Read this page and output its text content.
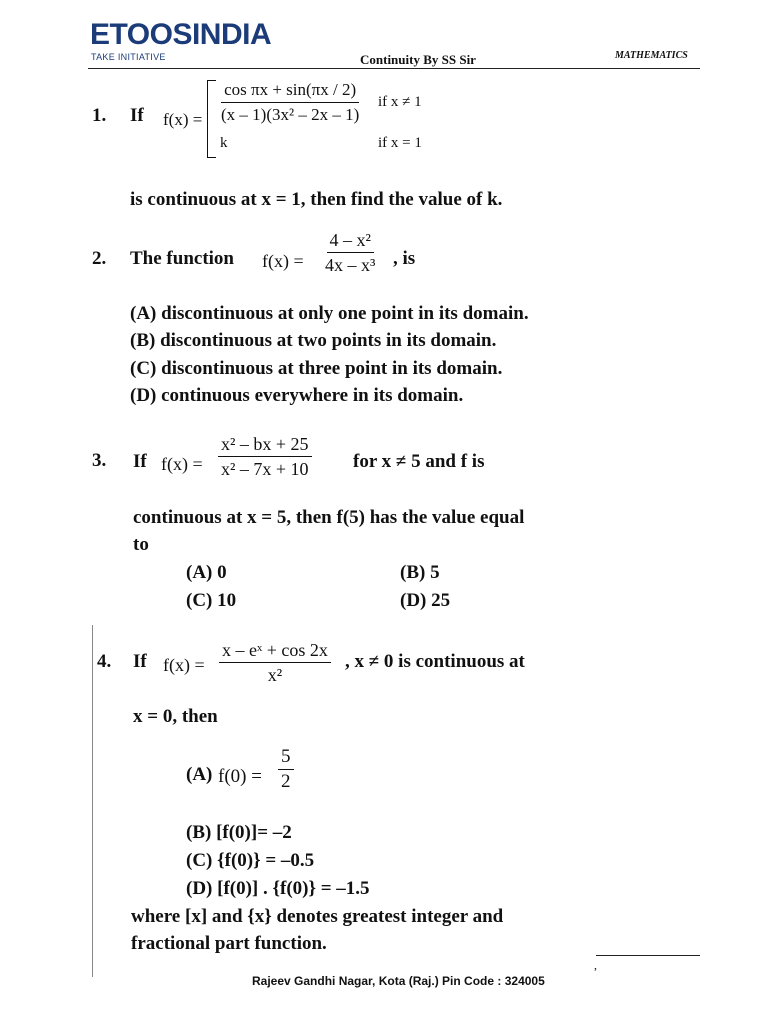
ETOOSINDIA
TAKE INITIATIVE	Continuity By SS Sir	MATHEMATICS
1. If $f(x) = \frac{\text{cos πx + sin(πx / 2)}}{\text{(x – 1)(3x² – 2x – 1)}}$ if x ≠ 1
k	if x = 1
is continuous at x = 1, then find the value of k.
2. The function $f(x) = \frac{\text{4 – x²}}{\text{4x – x³}}$ , is
(A) discontinuous at only one point in its domain.
(B) discontinuous at two points in its domain.
(C) discontinuous at three point in its domain.
(D) continuous everywhere in its domain.
3. If $f(x) = \frac{\text{x² – bx + 25}}{\text{x² – 7x + 10}}$ for x ≠ 5 and f is
continuous at x = 5, then f(5) has the value equal
to
(A) 0	(B) 5
(C) 10	(D) 25
4. If $f(x) = \frac{\text{x – eˣ + cos 2x}}{\text{x²}}$ , x ≠ 0 is continuous at
x = 0, then
(A) $f(0) = \frac{5}{2}$
(B) [f(0)]= –2
(C) {f(0)} = –0.5
(D) [f(0)] . {f(0)} = –1.5
where [x] and {x} denotes greatest integer and
fractional part function.
,
Rajeev Gandhi Nagar, Kota (Raj.) Pin Code : 324005
